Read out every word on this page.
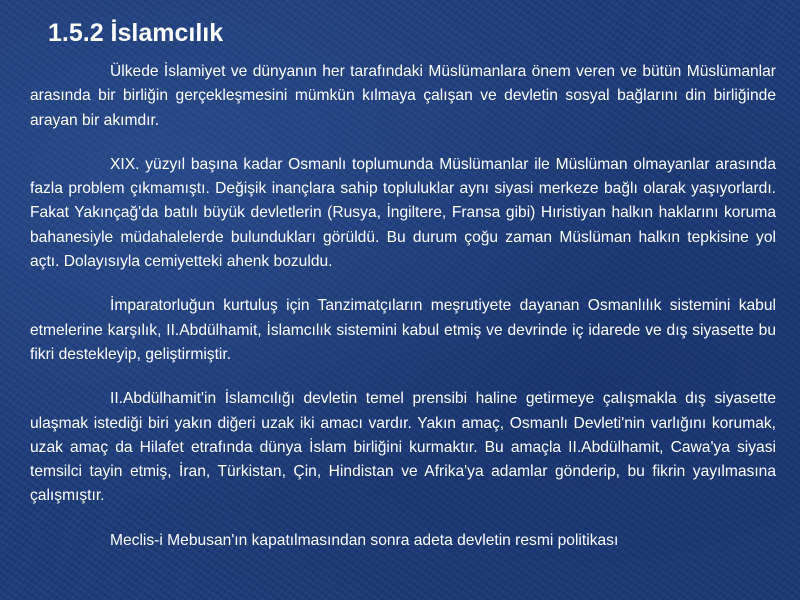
1.5.2 İslamcılık

Ülkede İslamiyet ve dünyanın her tarafındaki Müslümanlara önem veren ve bütün Müslümanlar arasında bir birliğin gerçekleşmesini mümkün kılmaya çalışan ve devletin sosyal bağlarını din birliğinde arayan bir akımdır.

XIX. yüzyıl başına kadar Osmanlı toplumunda Müslümanlar ile Müslüman olmayanlar arasında fazla problem çıkmamıştı. Değişik inançlara sahip topluluklar aynı siyasi merkeze bağlı olarak yaşıyorlardı. Fakat Yakınçağ'da batılı büyük devletlerin (Rusya, İngiltere, Fransa gibi) Hıristiyan halkın haklarını koruma bahanesiyle müdahalelerde bulundukları görüldü. Bu durum çoğu zaman Müslüman halkın tepkisine yol açtı. Dolayısıyla cemiyetteki ahenk bozuldu.

İmparatorluğun kurtuluş için Tanzimatçıların meşrutiyete dayanan Osmanlılık sistemini kabul etmelerine karşılık, II.Abdülhamit, İslamcılık sistemini kabul etmiş ve devrinde iç idarede ve dış siyasette bu fikri destekleyip, geliştirmiştir.

II.Abdülhamit'in İslamcılığı devletin temel prensibi haline getirmeye çalışmakla dış siyasette ulaşmak istediği biri yakın diğeri uzak iki amacı vardır. Yakın amaç, Osmanlı Devleti'nin varlığını korumak, uzak amaç da Hilafet etrafında dünya İslam birliğini kurmaktır. Bu amaçla II.Abdülhamit, Cawa'ya siyasi temsilci tayin etmiş, İran, Türkistan, Çin, Hindistan ve Afrika'ya adamlar gönderip, bu fikrin yayılmasına çalışmıştır.

Meclis-i Mebusan'ın kapatılmasından sonra adeta devletin resmi politikası
